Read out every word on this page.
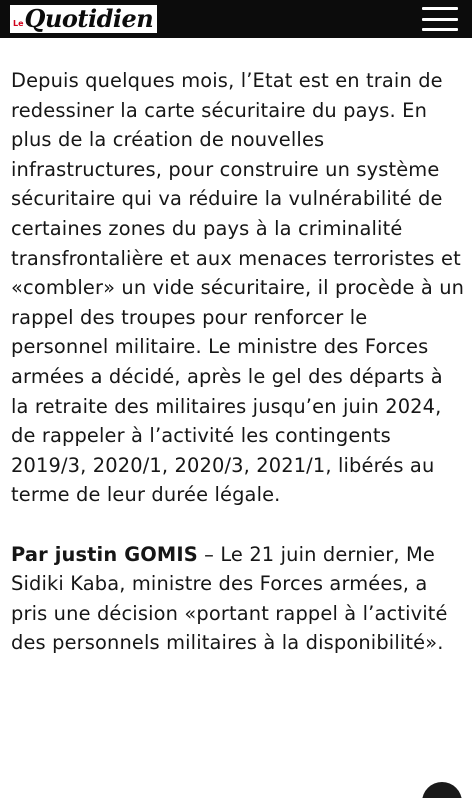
Le Quotidien

Depuis quelques mois, l’Etat est en train de redessiner la carte sécuritaire du pays. En plus de la création de nouvelles infrastructures, pour construire un système sécuritaire qui va réduire la vulnérabilité de certaines zones du pays à la criminalité transfrontalière et aux menaces terroristes et «combler» un vide sécuritaire, il procède à un rappel des troupes pour renforcer le personnel militaire. Le ministre des Forces armées a décidé, après le gel des départs à la retraite des militaires jusqu’en juin 2024, de rappeler à l’activité les contingents 2019/3, 2020/1, 2020/3, 2021/1, libérés au terme de leur durée légale.

Par justin GOMIS – Le 21 juin dernier, Me Sidiki Kaba, ministre des Forces armées, a pris une décision «portant rappel à l’activité des personnels militaires à la disponibilité».
